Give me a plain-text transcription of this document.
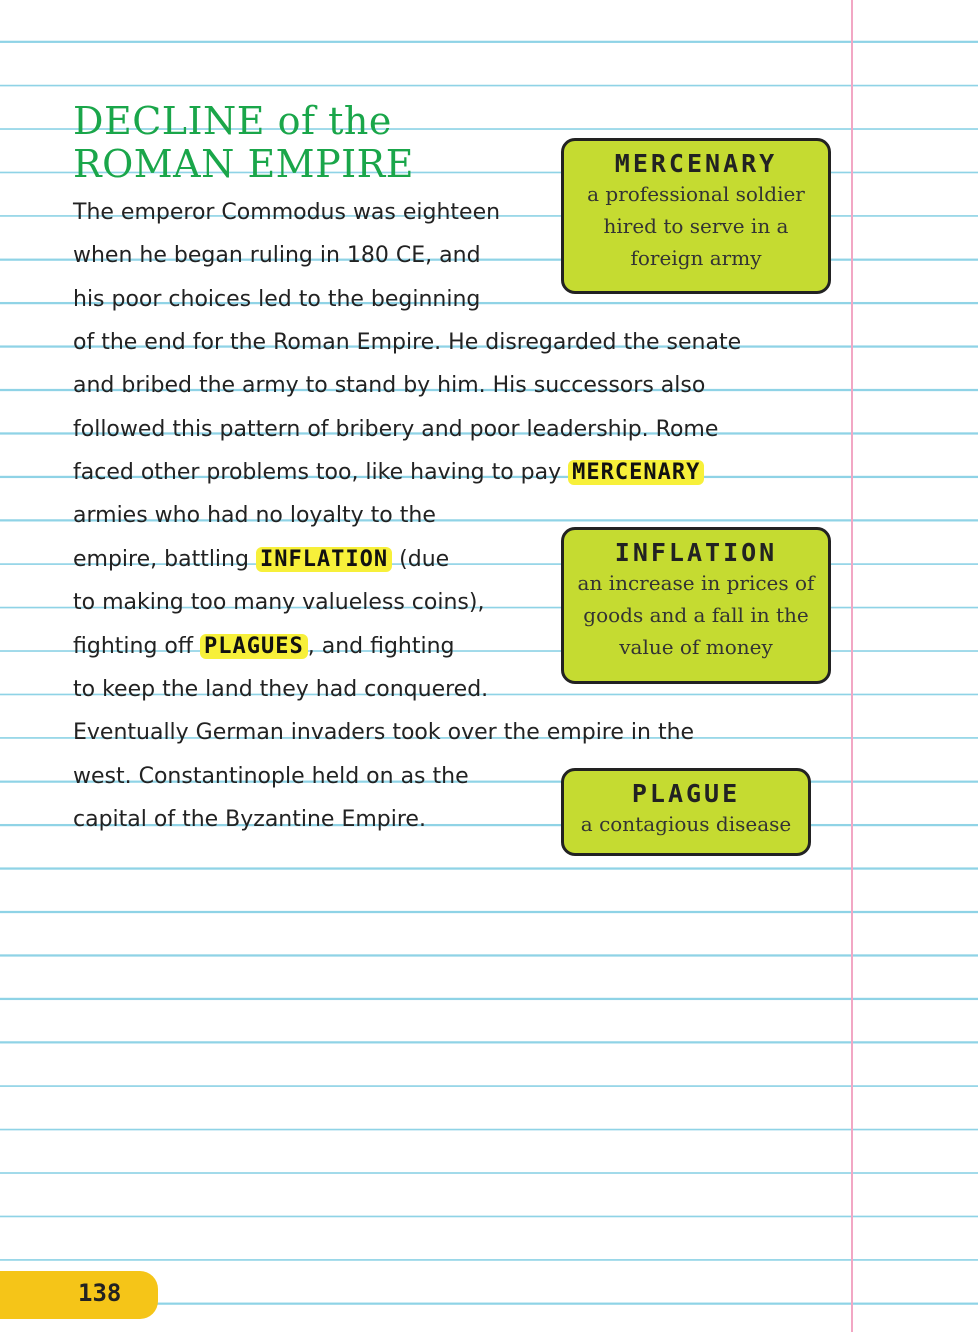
DECLINE of the
ROMAN EMPIRE
The emperor Commodus was eighteen
when he began ruling in 180 CE, and
his poor choices led to the beginning
of the end for the Roman Empire. He disregarded the senate
and bribed the army to stand by him. His successors also
followed this pattern of bribery and poor leadership. Rome
faced other problems too, like having to pay MERCENARY
armies who had no loyalty to the
empire, battling INFLATION (due
to making too many valueless coins),
fighting off PLAGUES , and fighting
to keep the land they had conquered.
Eventually German invaders took over the empire in the
west. Constantinople held on as the
capital of the Byzantine Empire.
MERCENARY
a professional soldier
hired to serve in a
foreign army
INFLATION
an increase in prices of
goods and a fall in the
value of money
PLAGUE
a contagious disease
138
